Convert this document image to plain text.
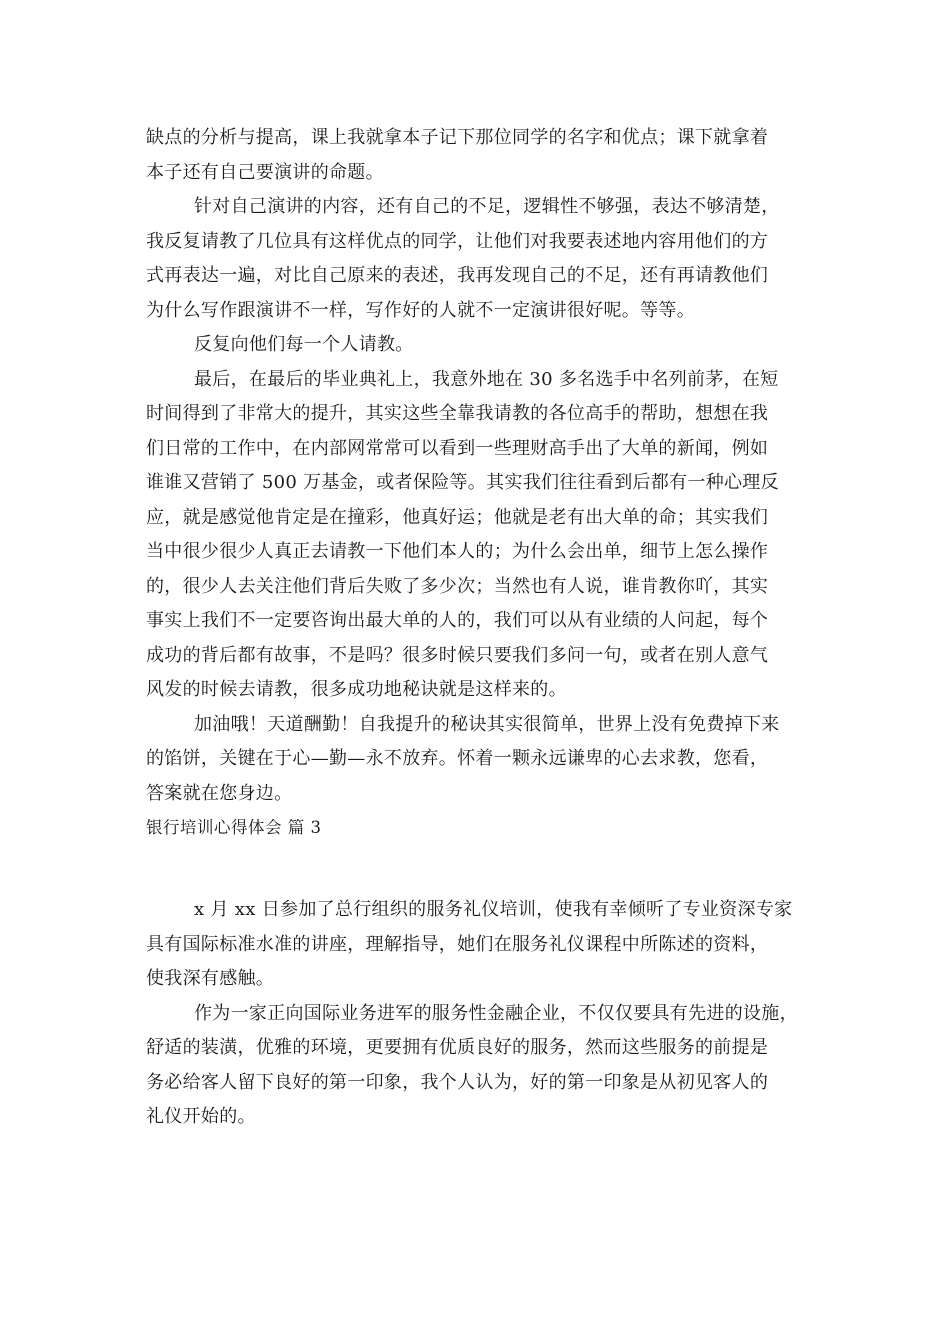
缺点的分析与提高，课上我就拿本子记下那位同学的名字和优点；课下就拿着
本子还有自己要演讲的命题。
针对自己演讲的内容，还有自己的不足，逻辑性不够强，表达不够清楚，
我反复请教了几位具有这样优点的同学，让他们对我要表述地内容用他们的方
式再表达一遍，对比自己原来的表述，我再发现自己的不足，还有再请教他们
为什么写作跟演讲不一样，写作好的人就不一定演讲很好呢。等等。
反复向他们每一个人请教。
最后，在最后的毕业典礼上，我意外地在 30 多名选手中名列前茅，在短
时间得到了非常大的提升，其实这些全靠我请教的各位高手的帮助，想想在我
们日常的工作中，在内部网常常可以看到一些理财高手出了大单的新闻，例如
谁谁又营销了 500 万基金，或者保险等。其实我们往往看到后都有一种心理反
应，就是感觉他肯定是在撞彩，他真好运；他就是老有出大单的命；其实我们
当中很少很少人真正去请教一下他们本人的；为什么会出单，细节上怎么操作
的，很少人去关注他们背后失败了多少次；当然也有人说，谁肯教你吖，其实
事实上我们不一定要咨询出最大单的人的，我们可以从有业绩的人问起，每个
成功的背后都有故事，不是吗？很多时候只要我们多问一句，或者在别人意气
风发的时候去请教，很多成功地秘诀就是这样来的。
加油哦！天道酬勤！自我提升的秘诀其实很简单，世界上没有免费掉下来
的馅饼，关键在于心—勤—永不放弃。怀着一颗永远谦卑的心去求教，您看，
答案就在您身边。
银行培训心得体会 篇 3
x 月 xx 日参加了总行组织的服务礼仪培训，使我有幸倾听了专业资深专家
具有国际标准水准的讲座，理解指导，她们在服务礼仪课程中所陈述的资料，
使我深有感触。
作为一家正向国际业务进军的服务性金融企业，不仅仅要具有先进的设施，
舒适的装潢，优雅的环境，更要拥有优质良好的服务，然而这些服务的前提是
务必给客人留下良好的第一印象，我个人认为，好的第一印象是从初见客人的
礼仪开始的。
